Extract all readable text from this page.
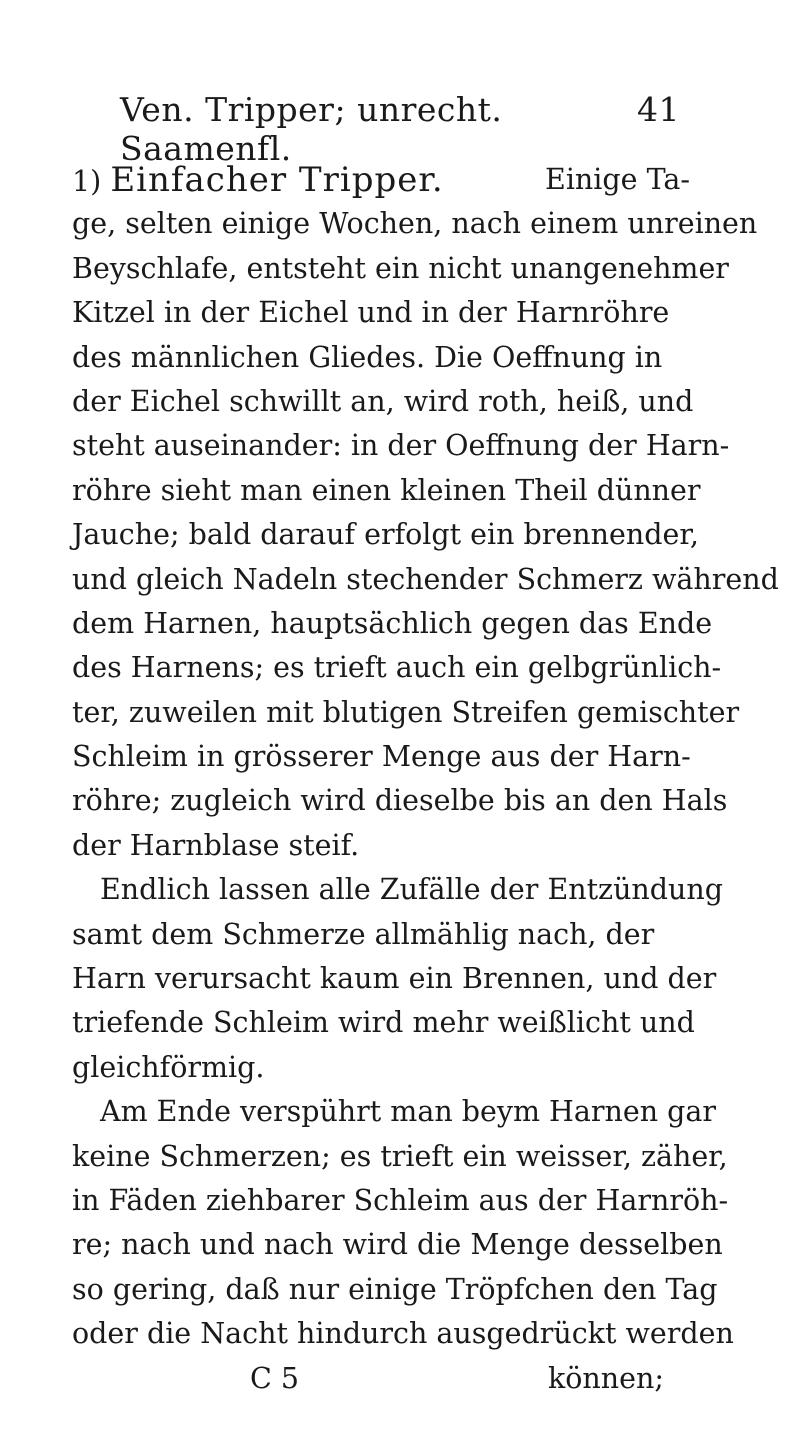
Ven. Tripper; unrecht. Saamenfl.
41
1) Einfacher Tripper.	Einige Ta-
ge, selten einige Wochen, nach einem unreinen
Beyschlafe, entsteht ein nicht unangenehmer
Kitzel in der Eichel und in der Harnröhre
des männlichen Gliedes. Die Oeffnung in
der Eichel schwillt an, wird roth, heiß, und
steht auseinander: in der Oeffnung der Harn-
röhre sieht man einen kleinen Theil dünner
Jauche; bald darauf erfolgt ein brennender,
und gleich Nadeln stechender Schmerz während
dem Harnen, hauptsächlich gegen das Ende
des Harnens; es trieft auch ein gelbgrünlich-
ter, zuweilen mit blutigen Streifen gemischter
Schleim in grösserer Menge aus der Harn-
röhre; zugleich wird dieselbe bis an den Hals
der Harnblase steif.
Endlich lassen alle Zufälle der Entzündung
samt dem Schmerze allmählig nach, der
Harn verursacht kaum ein Brennen, und der
triefende Schleim wird mehr weißlicht und
gleichförmig.
Am Ende verspührt man beym Harnen gar
keine Schmerzen; es trieft ein weisser, zäher,
in Fäden ziehbarer Schleim aus der Harnröh-
re; nach und nach wird die Menge desselben
so gering, daß nur einige Tröpfchen den Tag
oder die Nacht hindurch ausgedrückt werden
C 5	können;
